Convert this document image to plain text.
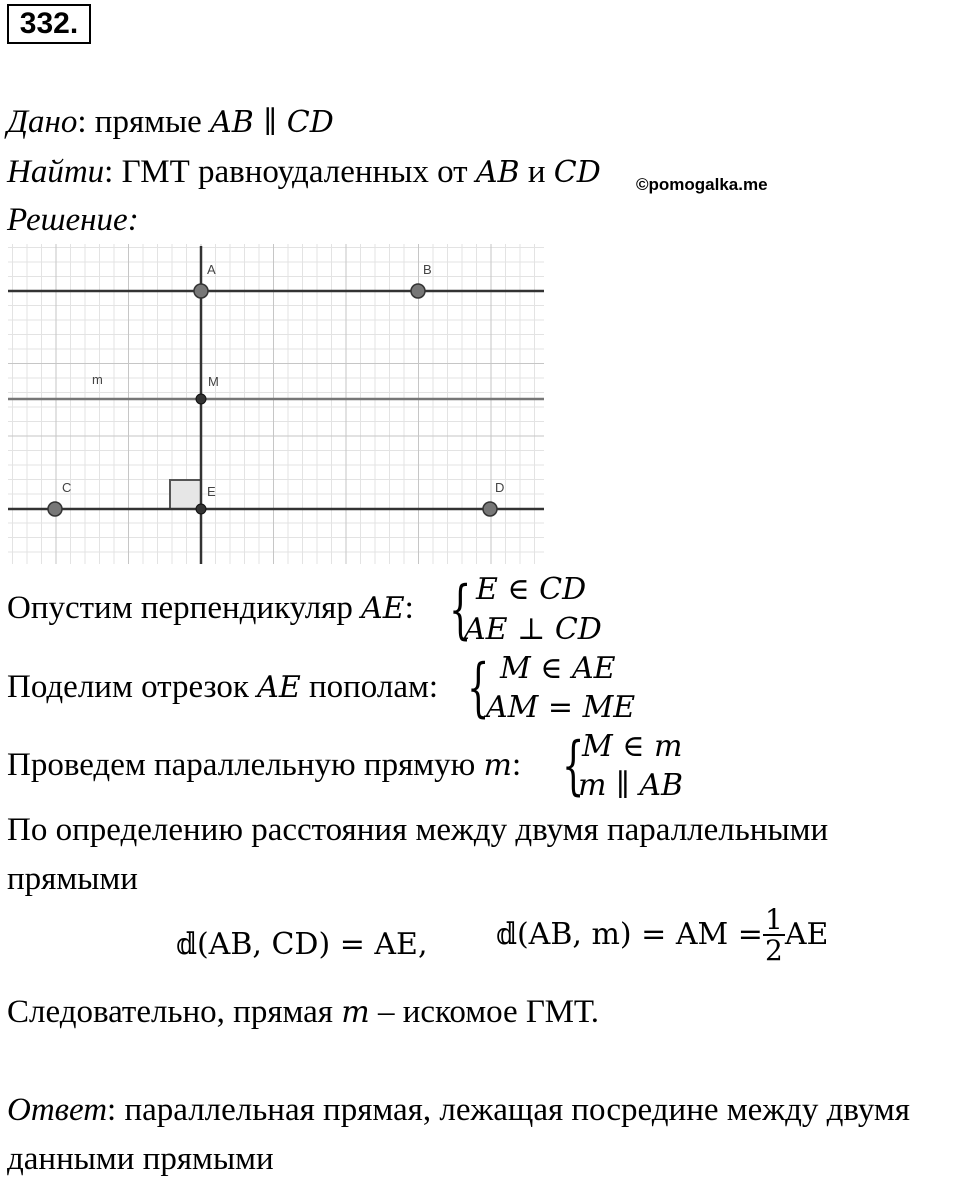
332.
Дано: прямые AB ∥ CD
Найти: ГМТ равноудаленных от AB и CD ©pomogalka.me
Решение:
A	B
M
m
C	E	D
Опустим перпендикуляр AE: { E ∈ CD
AE ⊥ CD
Поделим отрезок AE пополам: { M ∈ AE
AM = ME
Проведем параллельную прямую m: {
M ∈ m
m ∥ AB
По определению расстояния между двумя параллельными
прямыми
𝕕(AB, CD) = AE, 𝕕(AB, m) = AM = $\frac{1}{2}$ AE
Следовательно, прямая m – искомое ГМТ.
Ответ: параллельная прямая, лежащая посредине между двумя
данными прямыми
